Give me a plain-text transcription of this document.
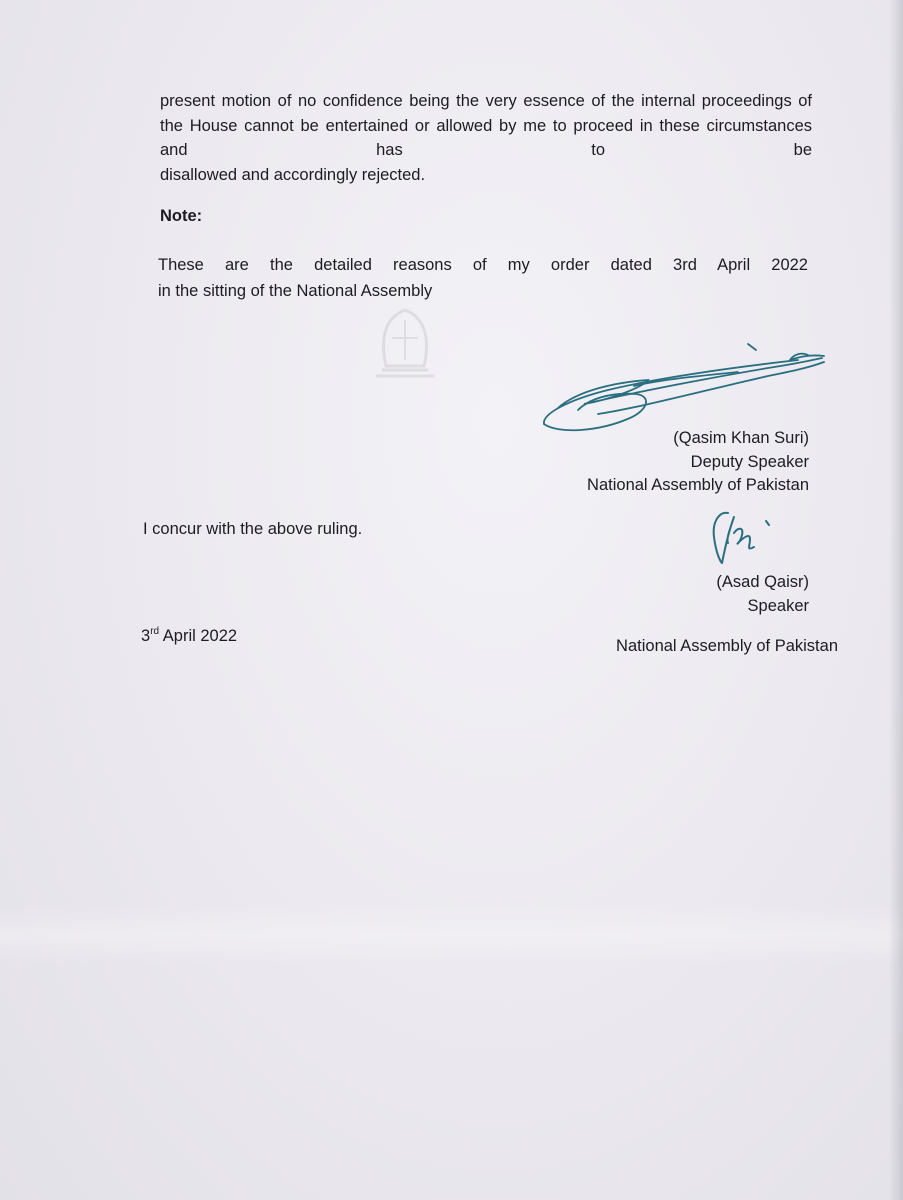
present motion of no confidence being the very essence of the internal proceedings of the House cannot be entertained or allowed by me to proceed in these circumstances and has to be

disallowed and accordingly rejected.

Note:

These are the detailed reasons of my order dated 3rd April 2022

in the sitting of the National Assembly

(Qasim Khan Suri)
Deputy Speaker
National Assembly of Pakistan
I concur with the above ruling.
(Asad Qaisr)
Speaker
3rd April 2022
National Assembly of Pakistan
